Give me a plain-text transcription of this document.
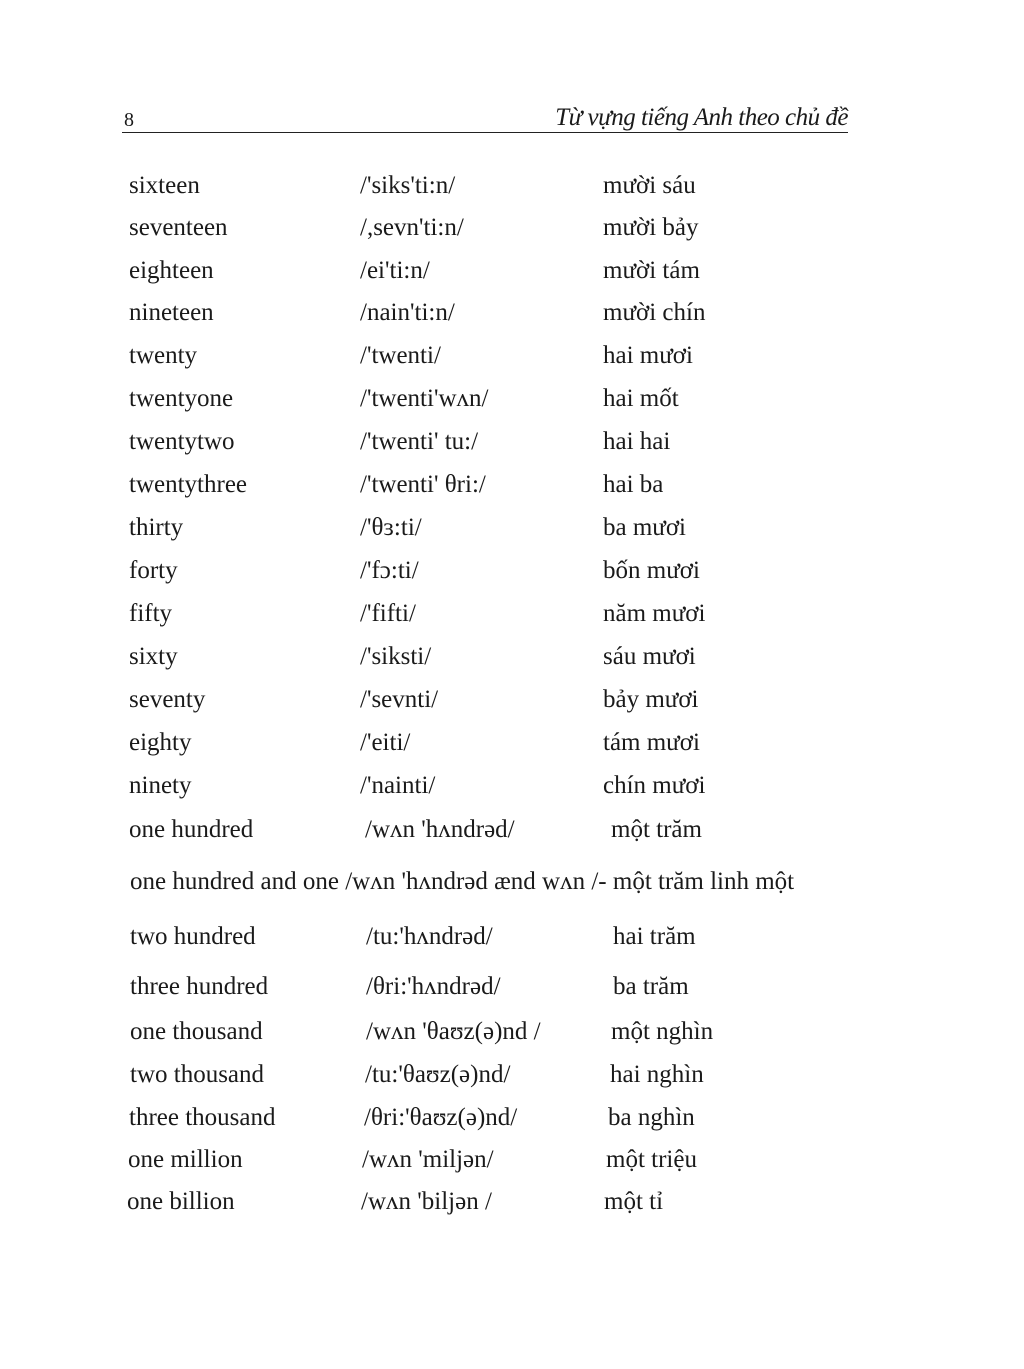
8	Từ vựng tiếng Anh theo chủ đề
sixteen	/'siks'ti:n/	mười sáu
seventeen	/,sevn'ti:n/	mười bảy
eighteen	/ei'ti:n/	mười tám
nineteen	/nain'ti:n/	mười chín
twenty	/'twenti/	hai mươi
twentyone	/'twenti'wʌn/	hai mốt
twentytwo	/'twenti' tu:/	hai hai
twentythree	/'twenti' θri:/	hai ba
thirty	/'θɜ:ti/	ba mươi
forty	/'fɔ:ti/	bốn mươi
fifty	/'fifti/	năm mươi
sixty	/'siksti/	sáu mươi
seventy	/'sevnti/	bảy mươi
eighty	/'eiti/	tám mươi
ninety	/'nainti/	chín mươi
one hundred	/wʌn 'hʌndrəd/	một trăm
one hundred and one /wʌn 'hʌndrəd ænd wʌn /- một trăm linh một
two hundred	/tu:'hʌndrəd/	hai trăm
three hundred	/θri:'hʌndrəd/	ba trăm
one thousand	/wʌn 'θaʊz(ə)nd /	một nghìn
two thousand	/tu:'θaʊz(ə)nd/	hai nghìn
three thousand	/θri:'θaʊz(ə)nd/	ba nghìn
one million	/wʌn 'miljən/	một triệu
one billion	/wʌn 'biljən /	một tỉ
